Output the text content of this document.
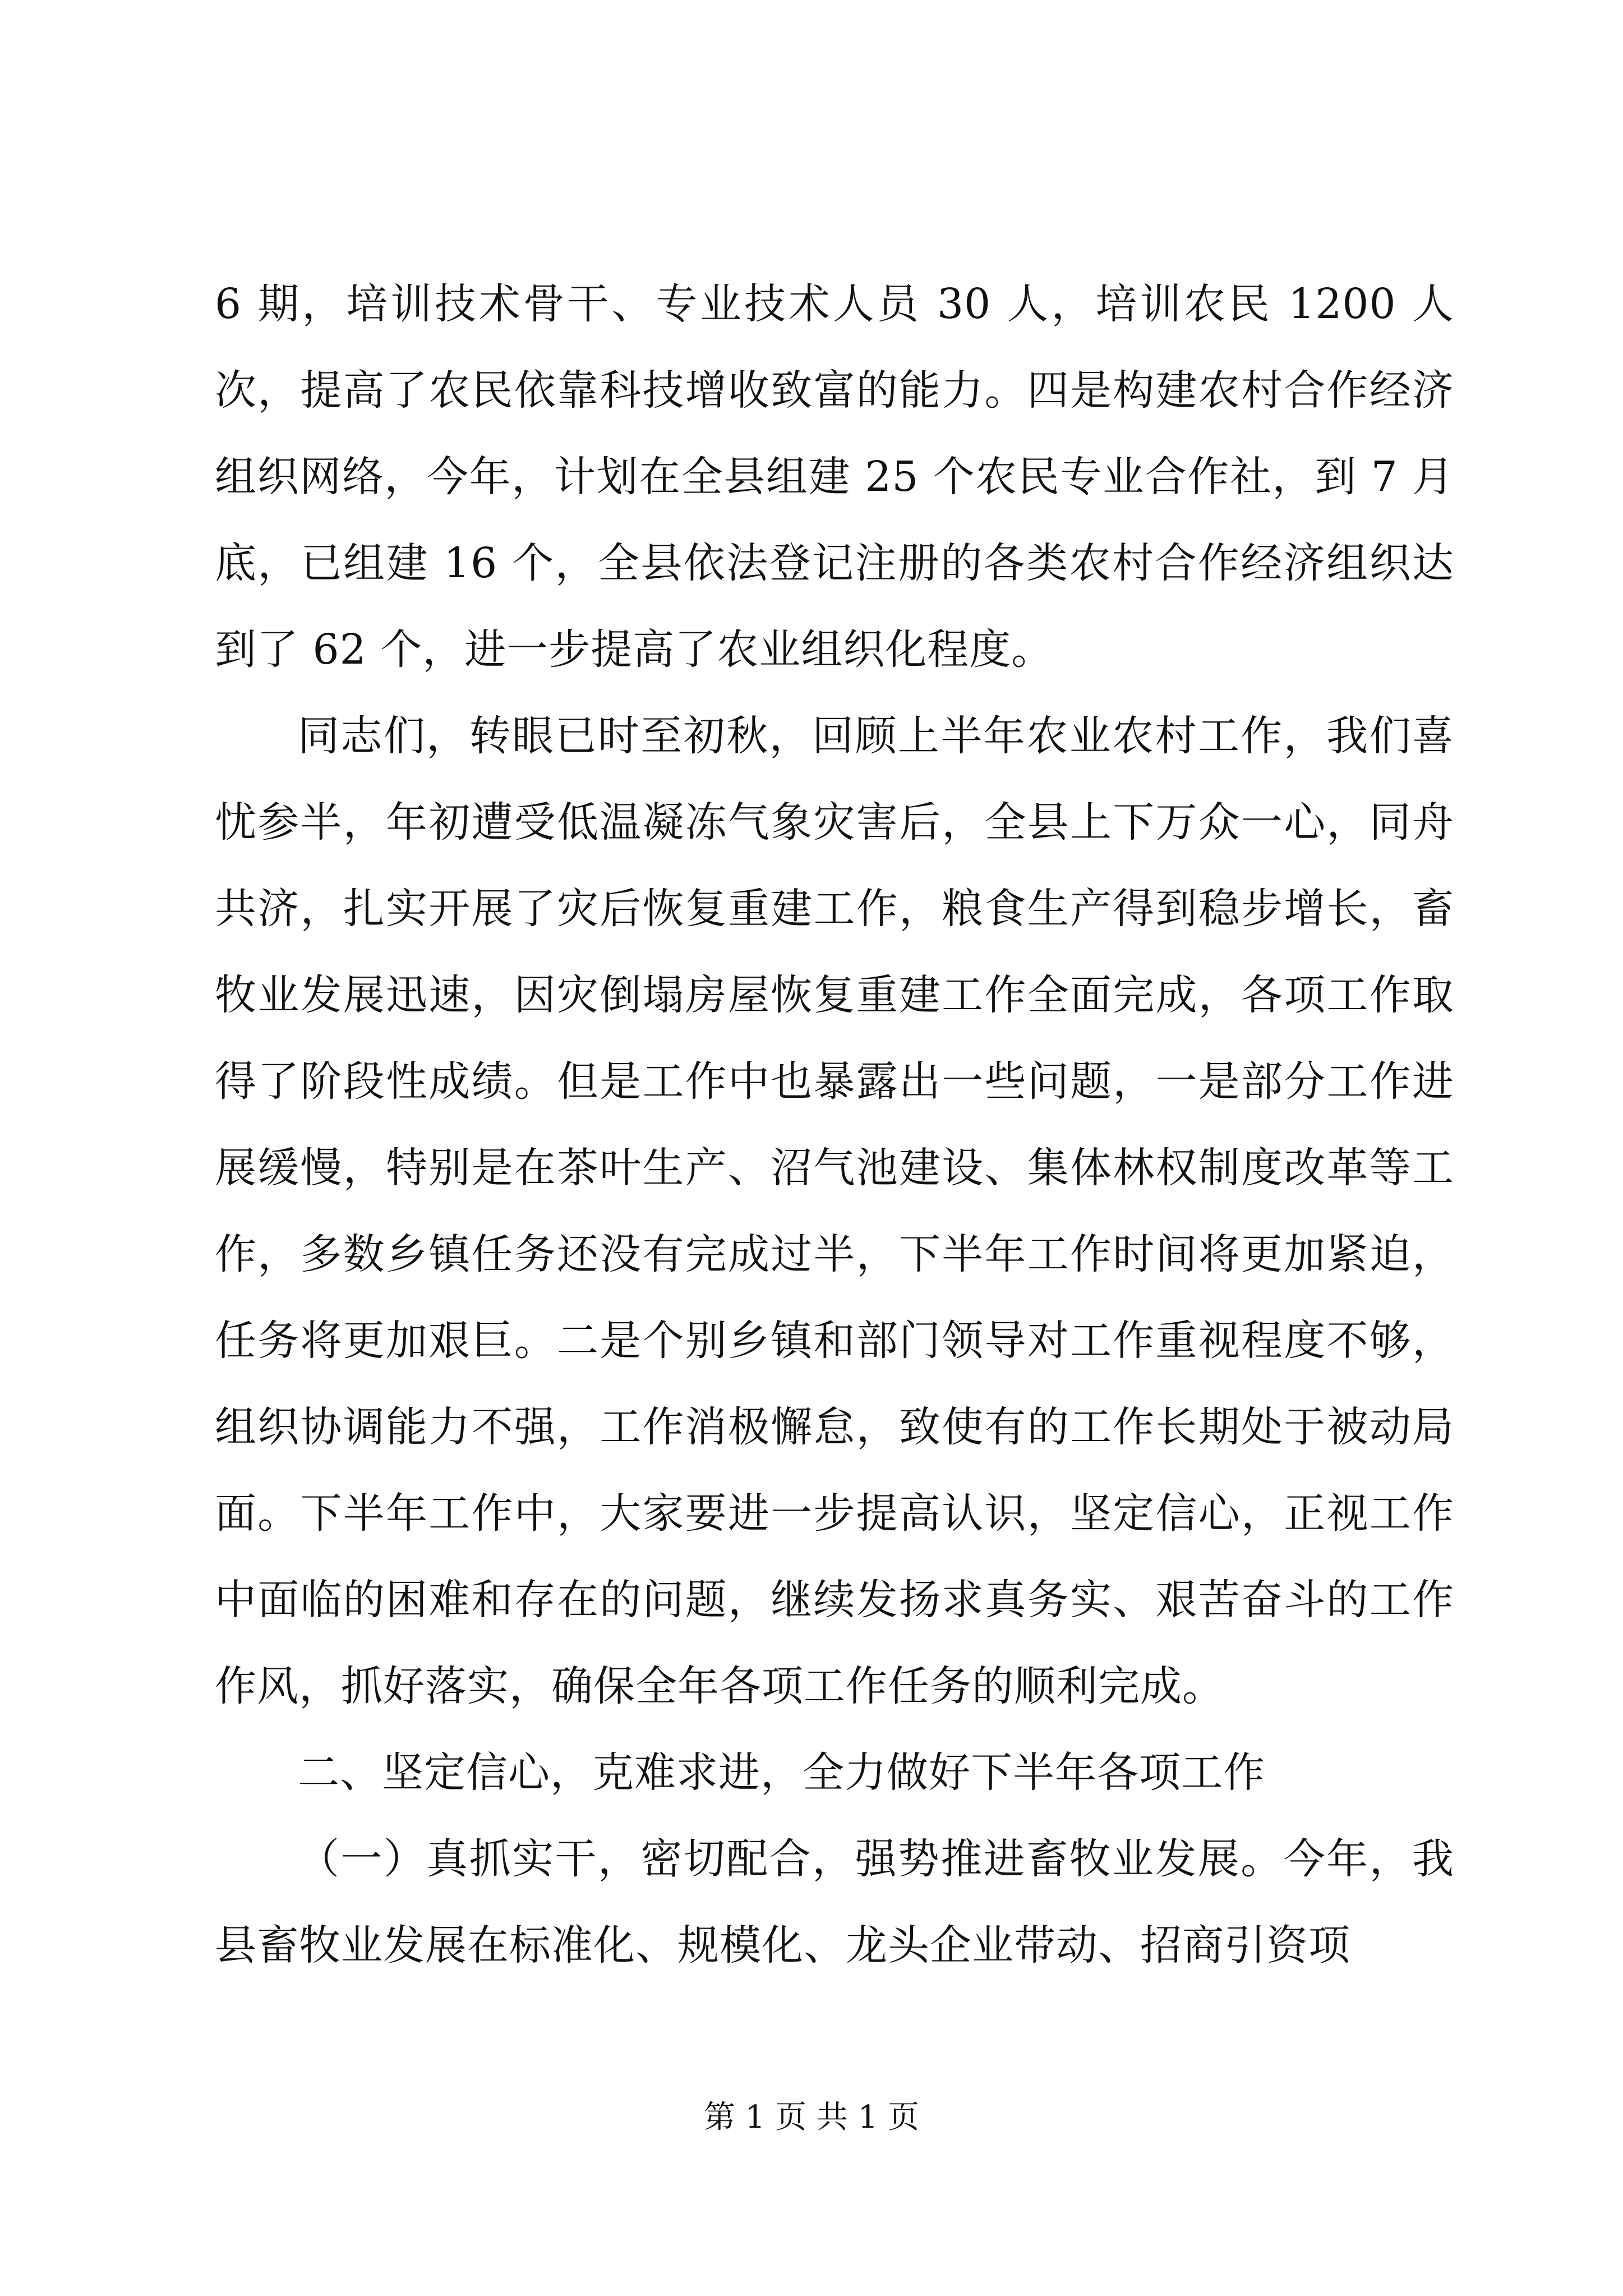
6 期，培训技术骨干、专业技术人员 30 人，培训农民 1200 人次，提高了农民依靠科技增收致富的能力。四是构建农村合作经济组织网络，今年，计划在全县组建 25 个农民专业合作社，到 7 月底，已组建 16 个，全县依法登记注册的各类农村合作经济组织达到了 62 个，进一步提高了农业组织化程度。

同志们，转眼已时至初秋，回顾上半年农业农村工作，我们喜忧参半，年初遭受低温凝冻气象灾害后，全县上下万众一心，同舟共济，扎实开展了灾后恢复重建工作，粮食生产得到稳步增长，畜牧业发展迅速，因灾倒塌房屋恢复重建工作全面完成，各项工作取得了阶段性成绩。但是工作中也暴露出一些问题，一是部分工作进展缓慢，特别是在茶叶生产、沼气池建设、集体林权制度改革等工作，多数乡镇任务还没有完成过半，下半年工作时间将更加紧迫，任务将更加艰巨。二是个别乡镇和部门领导对工作重视程度不够，组织协调能力不强，工作消极懈怠，致使有的工作长期处于被动局面。下半年工作中，大家要进一步提高认识，坚定信心，正视工作中面临的困难和存在的问题，继续发扬求真务实、艰苦奋斗的工作作风，抓好落实，确保全年各项工作任务的顺利完成。

二、坚定信心，克难求进，全力做好下半年各项工作

（一）真抓实干，密切配合，强势推进畜牧业发展。今年，我县畜牧业发展在标准化、规模化、龙头企业带动、招商引资项

第 1 页 共 1 页
